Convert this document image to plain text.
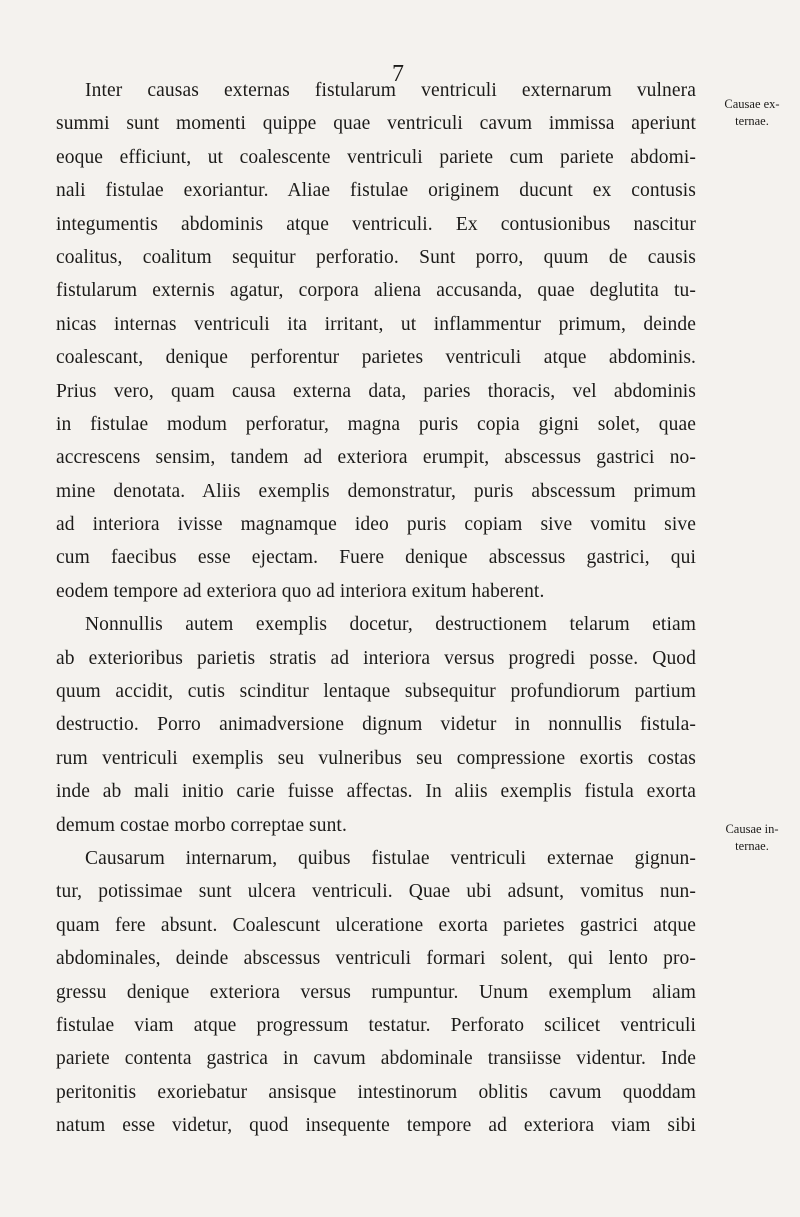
7
Causae ex-
ternae.
Causae in-
ternae.
Inter causas externas fistularum ventriculi externarum vulnera
summi sunt momenti quippe quae ventriculi cavum immissa aperiunt
eoque efficiunt, ut coalescente ventriculi pariete cum pariete abdomi-
nali fistulae exoriantur. Aliae fistulae originem ducunt ex contusis
integumentis abdominis atque ventriculi. Ex contusionibus nascitur
coalitus, coalitum sequitur perforatio. Sunt porro, quum de causis
fistularum externis agatur, corpora aliena accusanda, quae deglutita tu-
nicas internas ventriculi ita irritant, ut inflammentur primum, deinde
coalescant, denique perforentur parietes ventriculi atque abdominis.
Prius vero, quam causa externa data, paries thoracis, vel abdominis
in fistulae modum perforatur, magna puris copia gigni solet, quae
accrescens sensim, tandem ad exteriora erumpit, abscessus gastrici no-
mine denotata. Aliis exemplis demonstratur, puris abscessum primum
ad interiora ivisse magnamque ideo puris copiam sive vomitu sive
cum faecibus esse ejectam. Fuere denique abscessus gastrici, qui
eodem tempore ad exteriora quo ad interiora exitum haberent.
Nonnullis autem exemplis docetur, destructionem telarum etiam
ab exterioribus parietis stratis ad interiora versus progredi posse. Quod
quum accidit, cutis scinditur lentaque subsequitur profundiorum partium
destructio. Porro animadversione dignum videtur in nonnullis fistula-
rum ventriculi exemplis seu vulneribus seu compressione exortis costas
inde ab mali initio carie fuisse affectas. In aliis exemplis fistula exorta
demum costae morbo correptae sunt.
Causarum internarum, quibus fistulae ventriculi externae gignun-
tur, potissimae sunt ulcera ventriculi. Quae ubi adsunt, vomitus nun-
quam fere absunt. Coalescunt ulceratione exorta parietes gastrici atque
abdominales, deinde abscessus ventriculi formari solent, qui lento pro-
gressu denique exteriora versus rumpuntur. Unum exemplum aliam
fistulae viam atque progressum testatur. Perforato scilicet ventriculi
pariete contenta gastrica in cavum abdominale transiisse videntur. Inde
peritonitis exoriebatur ansisque intestinorum oblitis cavum quoddam
natum esse videtur, quod insequente tempore ad exteriora viam sibi
